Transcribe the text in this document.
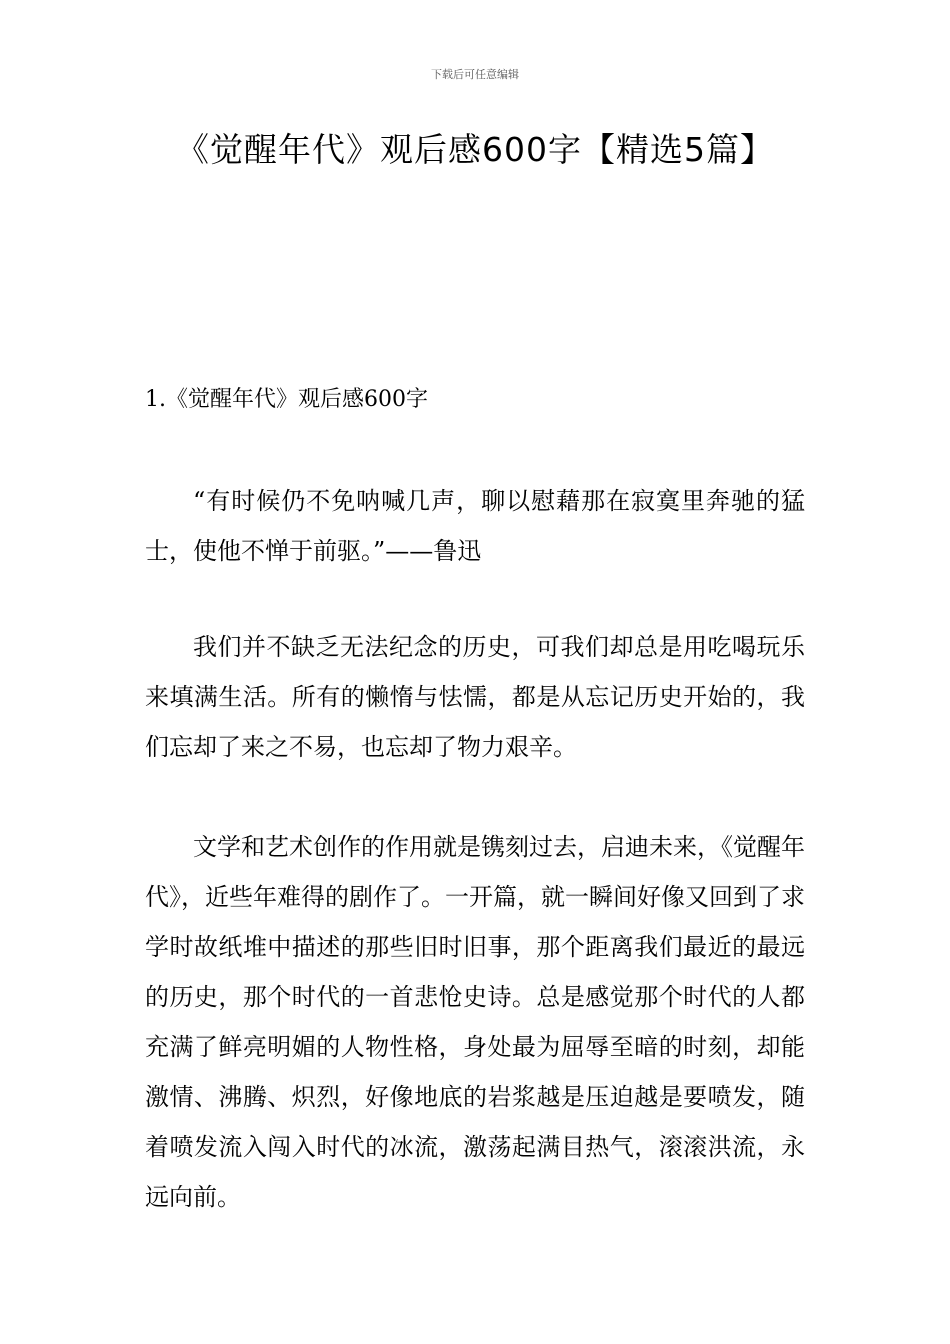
下载后可任意编辑
《觉醒年代》观后感600字【精选5篇】
1.《觉醒年代》观后感600字

“有时候仍不免呐喊几声，聊以慰藉那在寂寞里奔驰的猛士，使他不惮于前驱。”——鲁迅

我们并不缺乏无法纪念的历史，可我们却总是用吃喝玩乐来填满生活。所有的懒惰与怯懦，都是从忘记历史开始的，我们忘却了来之不易，也忘却了物力艰辛。

文学和艺术创作的作用就是镌刻过去，启迪未来，《觉醒年代》，近些年难得的剧作了。一开篇，就一瞬间好像又回到了求学时故纸堆中描述的那些旧时旧事，那个距离我们最近的最远的历史，那个时代的一首悲怆史诗。总是感觉那个时代的人都充满了鲜亮明媚的人物性格，身处最为屈辱至暗的时刻，却能激情、沸腾、炽烈，好像地底的岩浆越是压迫越是要喷发，随着喷发流入闯入时代的冰流，激荡起满目热气，滚滚洪流，永远向前。
